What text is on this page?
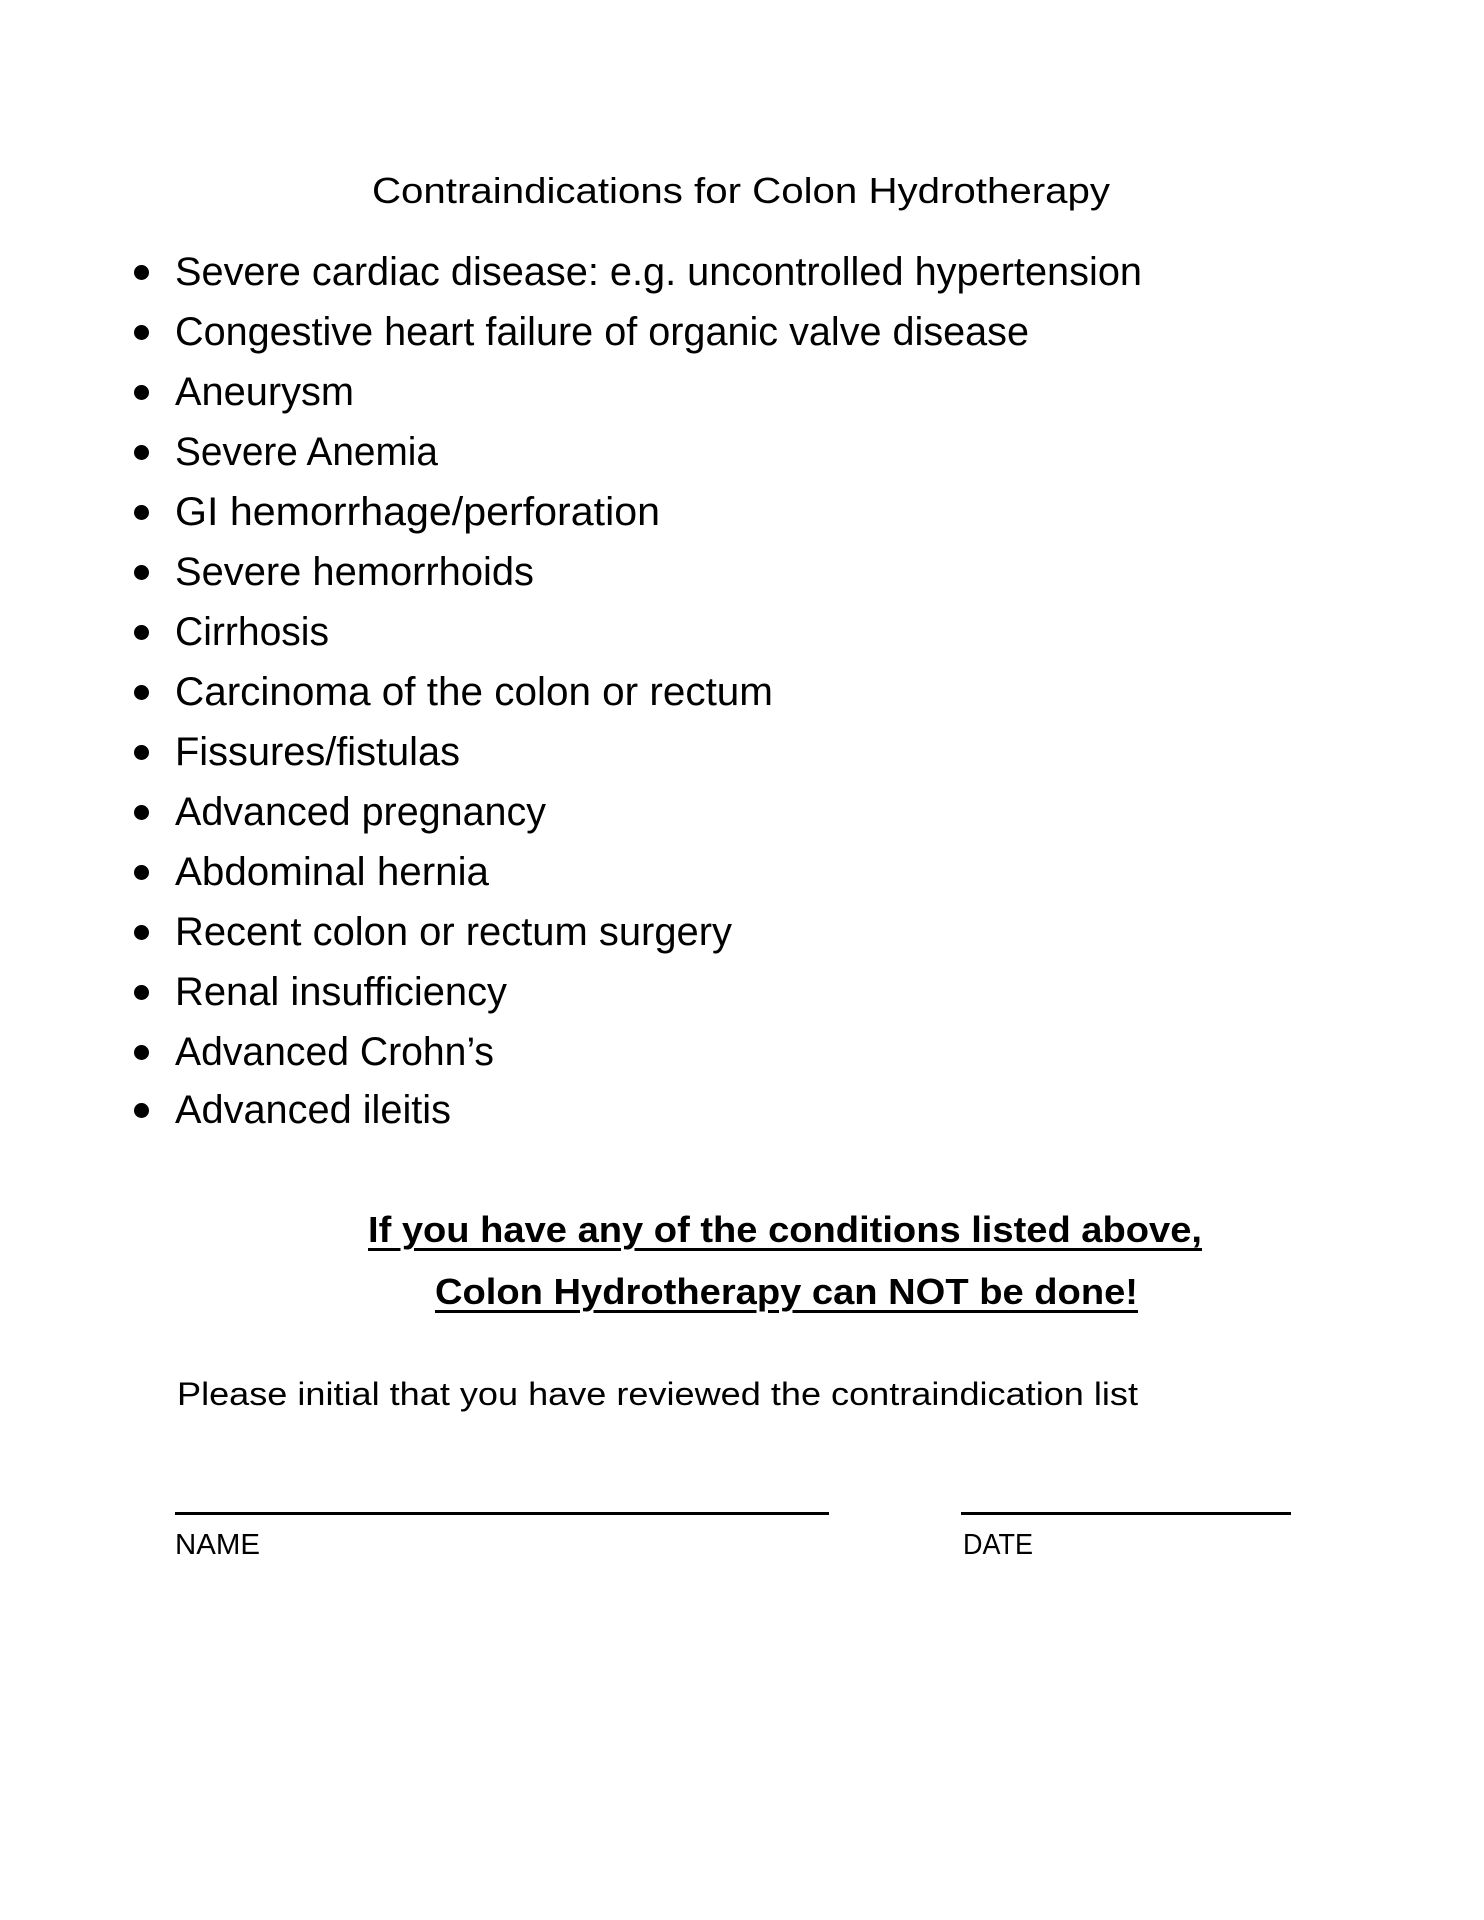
Contraindications for Colon Hydrotherapy
Severe cardiac disease: e.g. uncontrolled hypertension
Congestive heart failure of organic valve disease
Aneurysm
Severe Anemia
GI hemorrhage/perforation
Severe hemorrhoids
Cirrhosis
Carcinoma of the colon or rectum
Fissures/fistulas
Advanced pregnancy
Abdominal hernia
Recent colon or rectum surgery
Renal insufficiency
Advanced Crohn’s
Advanced ileitis
If you have any of the conditions listed above,
Colon Hydrotherapy can NOT be done!
Please initial that you have reviewed the contraindication list
NAME	DATE
